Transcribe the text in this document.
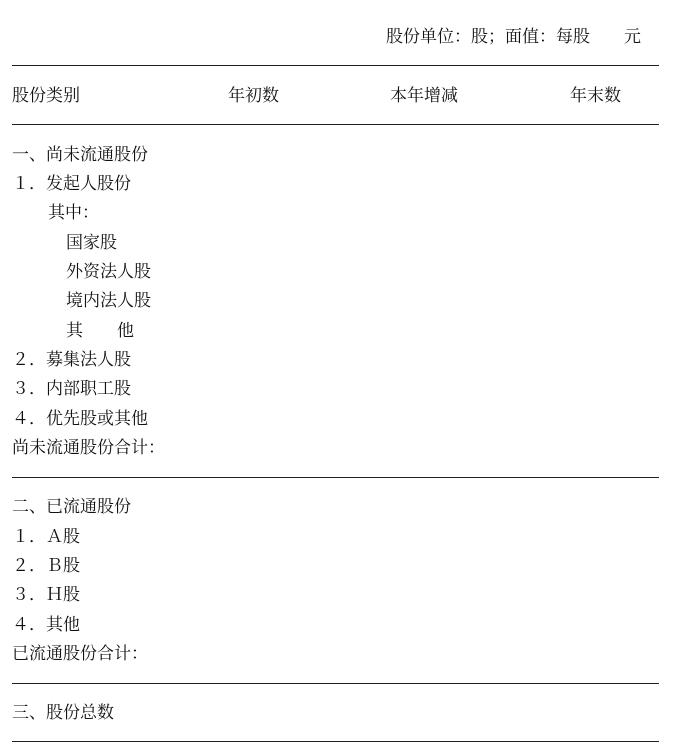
股份单位：股；面值：每股　　元
股份类别	年初数	本年增减	年末数
一、尚未流通股份
１．发起人股份
其中：
国家股
外资法人股
境内法人股
其　　他
２．募集法人股
３．内部职工股
４．优先股或其他
尚未流通股份合计：
二、已流通股份
１．Ａ股
２．Ｂ股
３．Ｈ股
４．其他
已流通股份合计：
三、股份总数
